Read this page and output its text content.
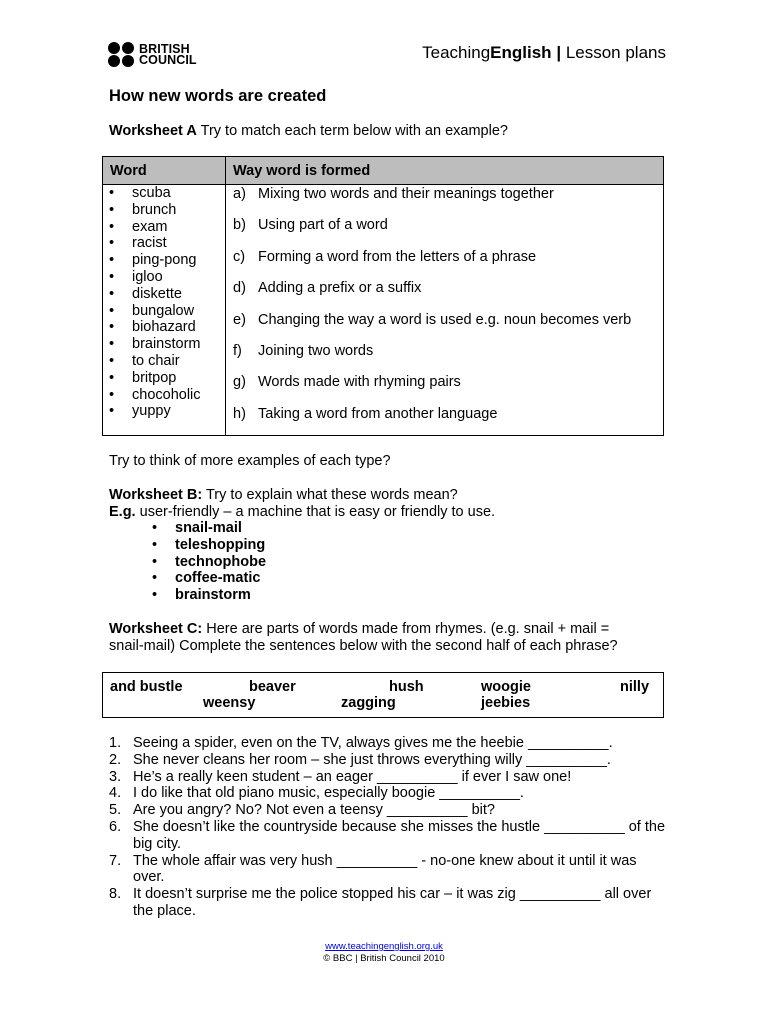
BRITISH
COUNCIL	TeachingEnglish | Lesson plans
How new words are created
Worksheet A Try to match each term below with an example?
Word	Way word is formed
• scuba
• brunch
• exam
• racist
• ping-pong
• igloo
• diskette
• bungalow
• biohazard
• brainstorm
• to chair
• britpop
• chocoholic
• yuppy
a) Mixing two words and their meanings together
b) Using part of a word
c) Forming a word from the letters of a phrase
d) Adding a prefix or a suffix
e) Changing the way a word is used e.g. noun becomes verb
f) Joining two words
g) Words made with rhyming pairs
h) Taking a word from another language
Try to think of more examples of each type?
Worksheet B: Try to explain what these words mean?
E.g. user-friendly – a machine that is easy or friendly to use.
• snail-mail
• teleshopping
• technophobe
• coffee-matic
• brainstorm
Worksheet C: Here are parts of words made from rhymes. (e.g. snail + mail =
snail-mail) Complete the sentences below with the second half of each phrase?
and bustle	beaver	hush	woogie	nilly
weensy	zagging	jeebies
1. Seeing a spider, even on the TV, always gives me the heebie __________.
2. She never cleans her room – she just throws everything willy __________.
3. He’s a really keen student – an eager __________ if ever I saw one!
4. I do like that old piano music, especially boogie __________.
5. Are you angry? No? Not even a teensy __________ bit?
6. She doesn’t like the countryside because she misses the hustle __________ of the big city.
7. The whole affair was very hush __________ - no-one knew about it until it was over.
8. It doesn’t surprise me the police stopped his car – it was zig __________ all over the place.
www.teachingenglish.org.uk
© BBC | British Council 2010
